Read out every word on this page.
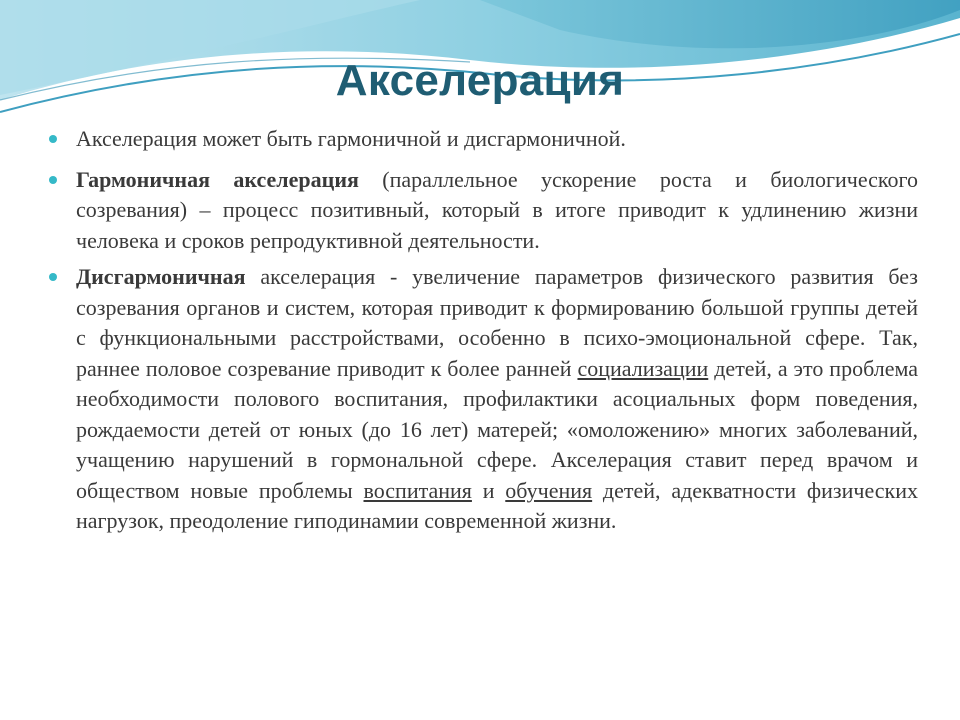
Акселерация

Акселерация может быть гармоничной и дисгармоничной.

Гармоничная акселерация (параллельное ускорение роста и биологического созревания) – процесс позитивный, который в итоге приводит к удлинению жизни человека и сроков репродуктивной деятельности.

Дисгармоничная акселерация - увеличение параметров физического развития без созревания органов и систем, которая приводит к формированию большой группы детей с функциональными расстройствами, особенно в психо-эмоциональной сфере. Так, раннее половое созревание приводит к более ранней социализации детей, а это проблема необходимости полового воспитания, профилактики асоциальных форм поведения, рождаемости детей от юных (до 16 лет) матерей; «омоложению» многих заболеваний, учащению нарушений в гормональной сфере. Акселерация ставит перед врачом и обществом новые проблемы воспитания и обучения детей, адекватности физических нагрузок, преодоление гиподинамии современной жизни.
